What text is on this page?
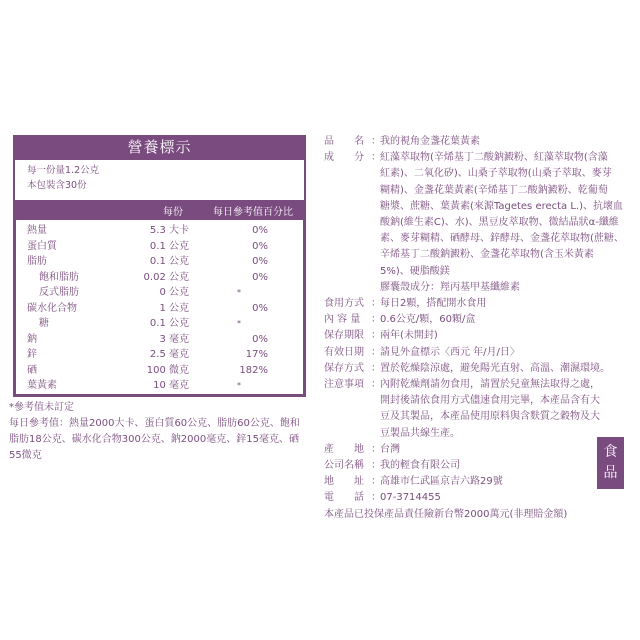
營養標示
每一份量1.2公克
本包裝含30份
每份	每日參考值百分比
熱量	5.3 大卡	0%
蛋白質	0.1 公克	0%
脂肪	0.1 公克	0%
飽和脂肪	0.02 公克	0%
反式脂肪	0 公克	*
碳水化合物	1 公克	0%
糖	0.1 公克	*
鈉	3 毫克	0%
鋅	2.5 毫克	17%
硒	100 微克	182%
葉黃素	10 毫克	*
*參考值未訂定
每日參考值：熱量2000大卡、蛋白質60公克、脂肪60公克、飽和脂肪18公克、碳水化合物300公克、鈉2000毫克、鋅15毫克、硒55微克
品　　名 ：我的視角金盞花葉黃素
成　　分 ：紅藻萃取物(辛烯基丁二酸鈉澱粉、紅藻萃取物(含藻
紅素)、二氧化矽)、山桑子萃取物(山桑子萃取、麥芽
糊精)、金盞花葉黃素(辛烯基丁二酸鈉澱粉、乾葡萄
糖漿、蔗糖、葉黃素(來源Tagetes erecta L.)、抗壞血
酸鈉(維生素C)、水)、黑豆皮萃取物、微結晶狀α-纖維
素、麥芽糊精、硒酵母、鋅酵母、金盞花萃取物(蔗糖、
辛烯基丁二酸鈉澱粉、金盞花萃取物(含玉米黃素
5%)、硬脂酸鎂
膠囊殼成分：羥丙基甲基纖維素
食用方式 ：每日2顆，搭配開水食用
內 容 量 ：0.6公克/顆，60顆/盒
保存期限 ：兩年(未開封)
有效日期 ：請見外盒標示〈西元 年/月/日〉
保存方式 ：置於乾燥陰涼處，避免陽光直射、高溫、潮濕環境。
注意事項 ：內附乾燥劑請勿食用，請置於兒童無法取得之處，
開封後請依食用方式儘速食用完畢，本產品含有大
豆及其製品，本產品使用原料與含麩質之穀物及大
豆製品共線生產。
產　　地 ：台灣
公司名稱 ：我的輕食有限公司
地　　址 ：高雄市仁武區京吉六路29號
電　　話 ：07-3714455
本產品已投保產品責任險新台幣2000萬元(非理賠金額)
食
品
